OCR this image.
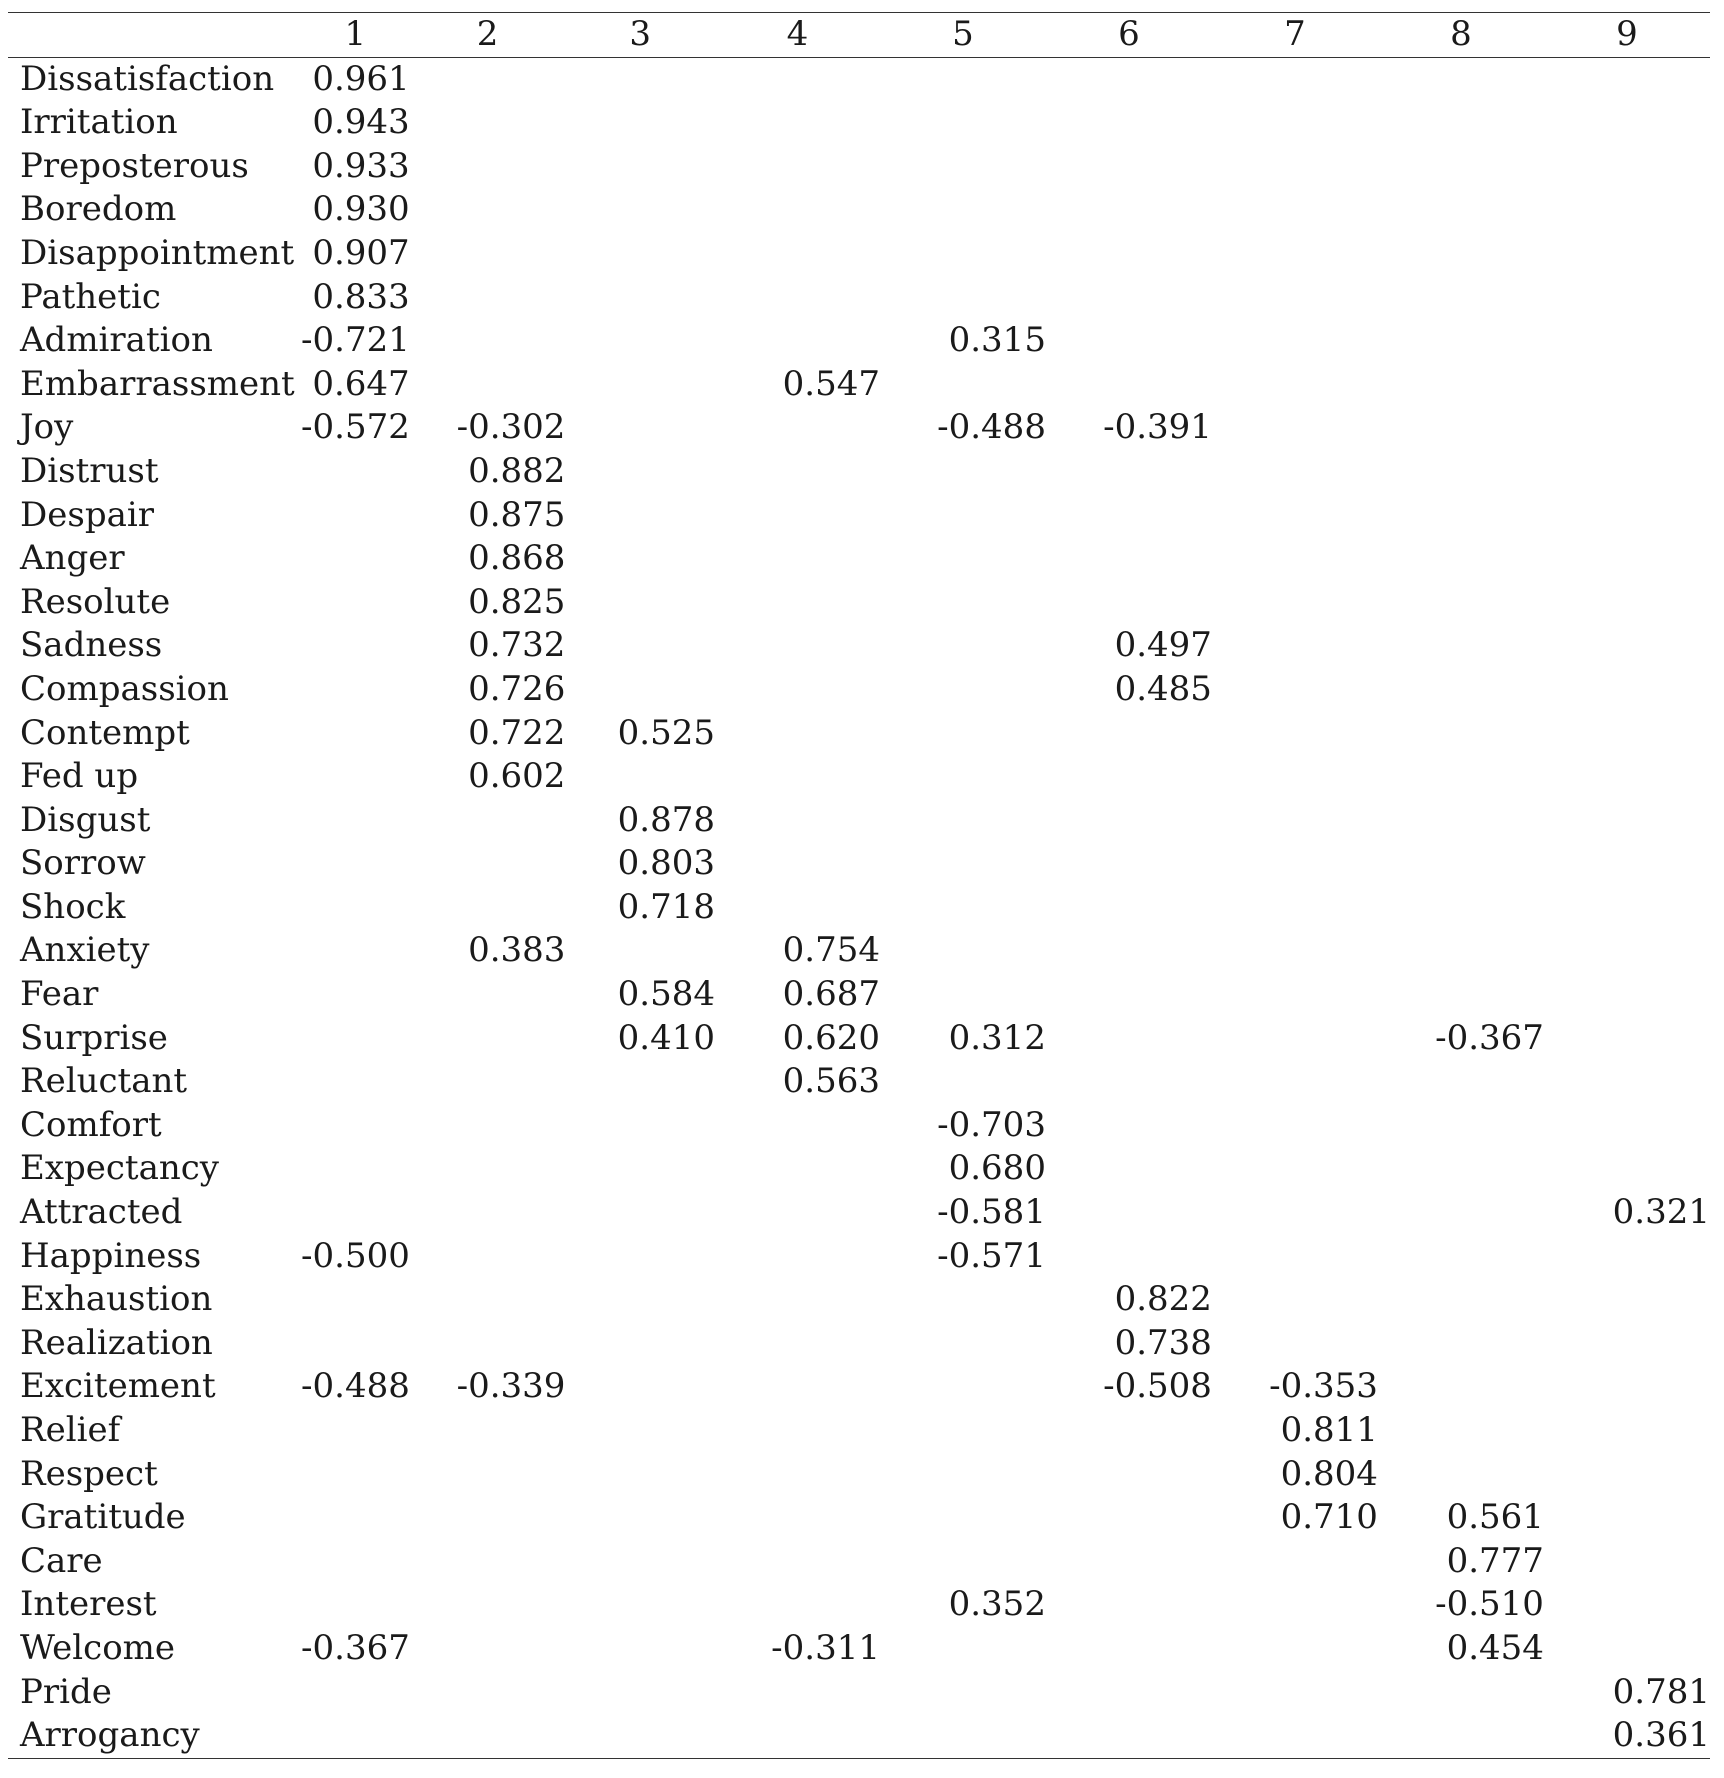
	1	2	3	4	5	6	7	8	9
Dissatisfaction	0.961								
Irritation	0.943								
Preposterous	0.933								
Boredom	0.930								
Disappointment	0.907								
Pathetic	0.833								
Admiration	-0.721				0.315				
Embarrassment	0.647			0.547					
Joy	-0.572	-0.302			-0.488	-0.391			
Distrust		0.882							
Despair		0.875							
Anger		0.868							
Resolute		0.825							
Sadness		0.732				0.497			
Compassion		0.726				0.485			
Contempt		0.722	0.525						
Fed up		0.602							
Disgust			0.878						
Sorrow			0.803						
Shock			0.718						
Anxiety		0.383		0.754					
Fear			0.584	0.687					
Surprise			0.410	0.620	0.312			-0.367	
Reluctant				0.563					
Comfort					-0.703				
Expectancy					0.680				
Attracted					-0.581				0.321
Happiness	-0.500				-0.571				
Exhaustion						0.822			
Realization						0.738			
Excitement	-0.488	-0.339				-0.508	-0.353		
Relief							0.811		
Respect							0.804		
Gratitude							0.710	0.561	
Care								0.777	
Interest					0.352			-0.510	
Welcome	-0.367			-0.311				0.454	
Pride									0.781
Arrogancy									0.361
